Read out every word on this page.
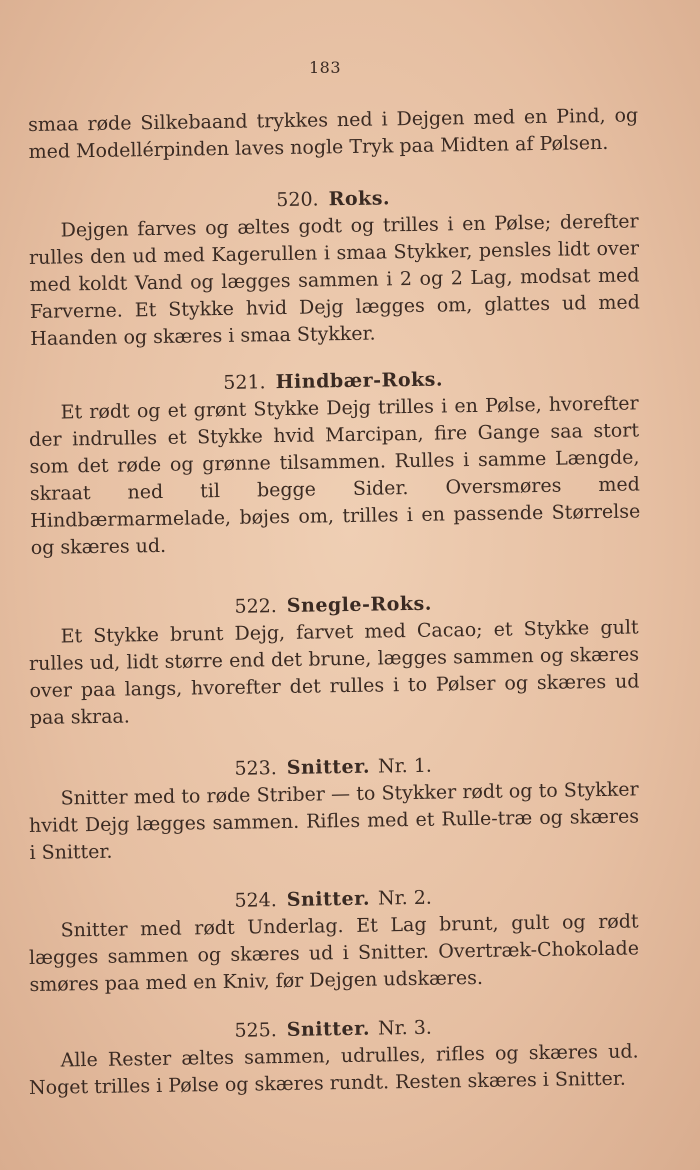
183

smaa røde Silkebaand trykkes ned i Dejgen med en Pind, og med Modellérpinden laves nogle Tryk paa Midten af Pølsen.

520. Roks.

Dejgen farves og æltes godt og trilles i en Pølse; derefter rulles den ud med Kagerullen i smaa Stykker, pensles lidt over med koldt Vand og lægges sammen i 2 og 2 Lag, modsat med Farverne. Et Stykke hvid Dejg lægges om, glattes ud med Haanden og skæres i smaa Stykker.

521. Hindbær-Roks.

Et rødt og et grønt Stykke Dejg trilles i en Pølse, hvorefter der indrulles et Stykke hvid Marcipan, fire Gange saa stort som det røde og grønne tilsammen. Rulles i samme Længde, skraat ned til begge Sider. Oversmøres med Hindbærmarmelade, bøjes om, trilles i en passende Størrelse og skæres ud.

522. Snegle-Roks.

Et Stykke brunt Dejg, farvet med Cacao; et Stykke gult rulles ud, lidt større end det brune, lægges sammen og skæres over paa langs, hvorefter det rulles i to Pølser og skæres ud paa skraa.

523. Snitter. Nr. 1.

Snitter med to røde Striber — to Stykker rødt og to Stykker hvidt Dejg lægges sammen. Rifles med et Rulle-træ og skæres i Snitter.

524. Snitter. Nr. 2.

Snitter med rødt Underlag. Et Lag brunt, gult og rødt lægges sammen og skæres ud i Snitter. Overtræk-Chokolade smøres paa med en Kniv, før Dejgen udskæres.

525. Snitter. Nr. 3.

Alle Rester æltes sammen, udrulles, rifles og skæres ud. Noget trilles i Pølse og skæres rundt. Resten skæres i Snitter.
